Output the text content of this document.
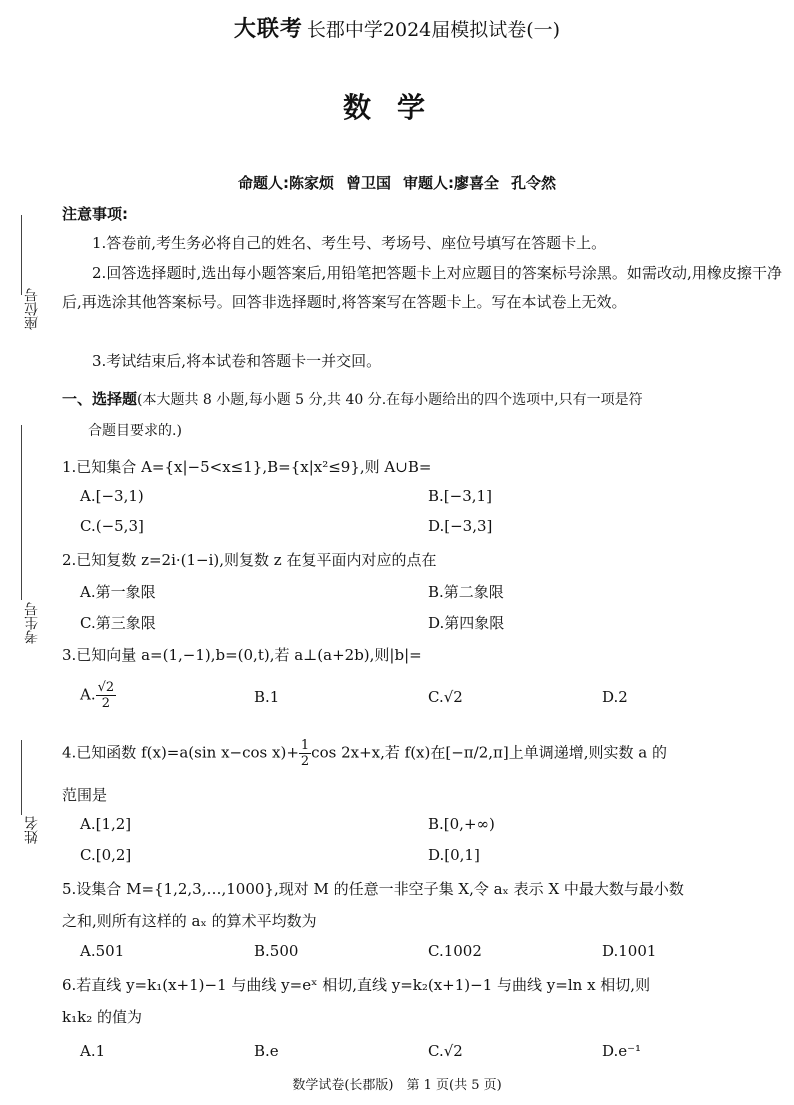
大联考 长郡中学2024届模拟试卷(一)
数学
命题人:陈家烦 曾卫国 审题人:廖喜全 孔令然
座位号
考生号
姓名
注意事项:
1.答卷前,考生务必将自己的姓名、考生号、考场号、座位号填写在答题卡上。
2.回答选择题时,选出每小题答案后,用铅笔把答题卡上对应题目的答案标号涂黑。如需改动,用橡皮擦干净后,再选涂其他答案标号。回答非选择题时,将答案写在答题卡上。写在本试卷上无效。
3.考试结束后,将本试卷和答题卡一并交回。
一、选择题(本大题共 8 小题,每小题 5 分,共 40 分.在每小题给出的四个选项中,只有一项是符
合题目要求的.)
1.已知集合 A={x|−5<x≤1},B={x|x²≤9},则 A∪B=
A.[−3,1)	B.[−3,1]
C.(−5,3]	D.[−3,3]
2.已知复数 z=2i·(1−i),则复数 z 在复平面内对应的点在
A.第一象限	B.第二象限
C.第三象限	D.第四象限
3.已知向量 a=(1,−1),b=(0,t),若 a⊥(a+2b),则|b|=
A. $\frac{√2}{2}$	B.1	C.√2	D.2
4.已知函数 f(x)=a(sin x−cos $x)+ \frac{1}{2}$ cos 2x+x,若 f(x)在[−π/2,π]上单调递增,则实数 a 的
范围是
A.[1,2]	B.[0,+∞)
C.[0,2]	D.[0,1]
5.设集合 M={1,2,3,…,1000},现对 M 的任意一非空子集 X,令 aₓ 表示 X 中最大数与最小数
之和,则所有这样的 aₓ 的算术平均数为
A.501	B.500	C.1002	D.1001
6.若直线 y=k₁(x+1)−1 与曲线 y=eˣ 相切,直线 y=k₂(x+1)−1 与曲线 y=ln x 相切,则
k₁k₂ 的值为
A.1	B.e	C.√2	D.e⁻¹
数学试卷(长郡版)　第 1 页(共 5 页)
